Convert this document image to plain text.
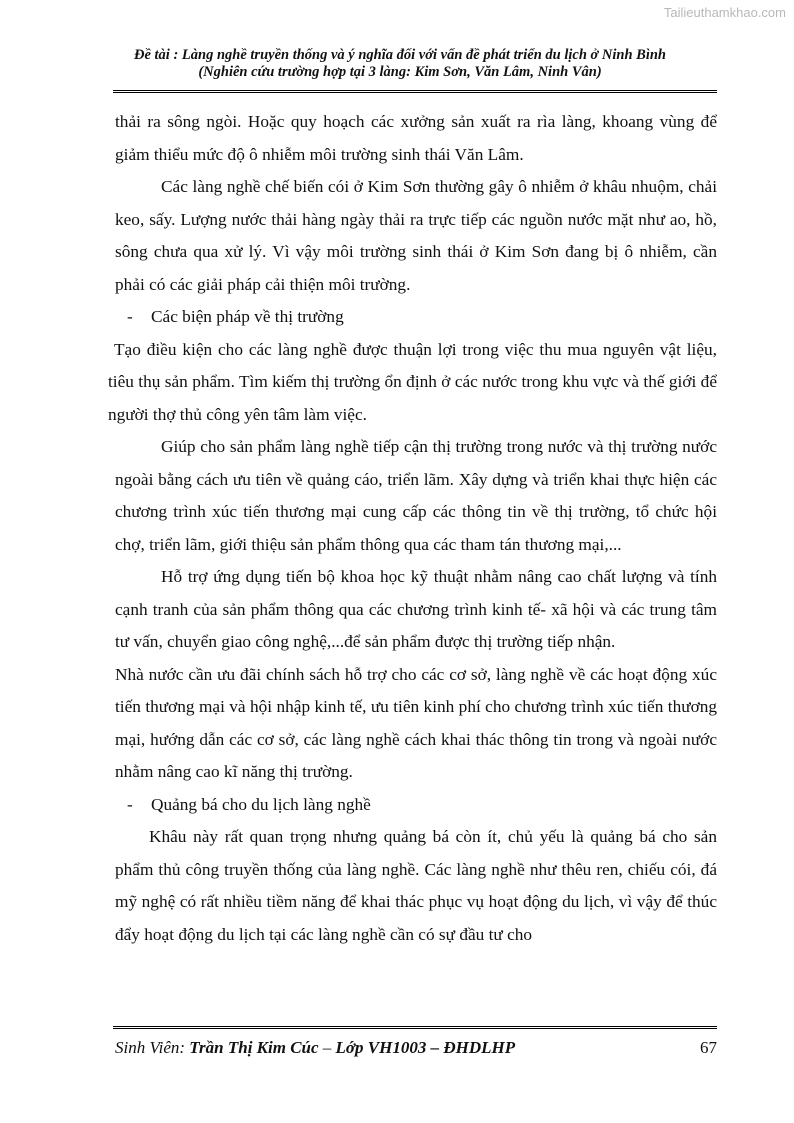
Tailieuthamkhao.com
Đề tài : Làng nghề truyền thống và ý nghĩa đối với vấn đề phát triển du lịch ở Ninh Bình
(Nghiên cứu trường hợp tại 3 làng: Kim Sơn, Văn Lâm, Ninh Vân)

thải ra sông ngòi. Hoặc quy hoạch các xưởng sản xuất ra rìa làng, khoang vùng để giảm thiểu mức độ ô nhiễm môi trường sinh thái Văn Lâm.

Các làng nghề chế biến cói ở Kim Sơn thường gây ô nhiễm ở khâu nhuộm, chải keo, sấy. Lượng nước thải hàng ngày thải ra trực tiếp các nguồn nước mặt như ao, hồ, sông chưa qua xử lý. Vì vậy môi trường sinh thái ở Kim Sơn đang bị ô nhiễm, cần phải có các giải pháp cải thiện môi trường.

- Các biện pháp về thị trường

Tạo điều kiện cho các làng nghề được thuận lợi trong việc thu mua nguyên vật liệu, tiêu thụ sản phẩm. Tìm kiếm thị trường ổn định ở các nước trong khu vực và thế giới để người thợ thủ công yên tâm làm việc.

Giúp cho sản phẩm làng nghề tiếp cận thị trường trong nước và thị trường nước ngoài bằng cách ưu tiên về quảng cáo, triển lãm. Xây dựng và triển khai thực hiện các chương trình xúc tiến thương mại cung cấp các thông tin về thị trường, tổ chức hội chợ, triển lãm, giới thiệu sản phẩm thông qua các tham tán thương mại,...

Hỗ trợ ứng dụng tiến bộ khoa học kỹ thuật nhằm nâng cao chất lượng và tính cạnh tranh của sản phẩm thông qua các chương trình kinh tế- xã hội và các trung tâm tư vấn, chuyển giao công nghệ,...để sản phẩm được thị trường tiếp nhận.

Nhà nước cần ưu đãi chính sách hỗ trợ cho các cơ sở, làng nghề về các hoạt động xúc tiến thương mại và hội nhập kinh tế, ưu tiên kinh phí cho chương trình xúc tiến thương mại, hướng dẫn các cơ sở, các làng nghề cách khai thác thông tin trong và ngoài nước nhằm nâng cao kĩ năng thị trường.

- Quảng bá cho du lịch làng nghề

Khâu này rất quan trọng nhưng quảng bá còn ít, chủ yếu là quảng bá cho sản phẩm thủ công truyền thống của làng nghề. Các làng nghề như thêu ren, chiếu cói, đá mỹ nghệ có rất nhiều tiềm năng để khai thác phục vụ hoạt động du lịch, vì vậy để thúc đẩy hoạt động du lịch tại các làng nghề cần có sự đầu tư cho

Sinh Viên: Trần Thị Kim Cúc – Lớp VH1003 – ĐHDLHP	67
